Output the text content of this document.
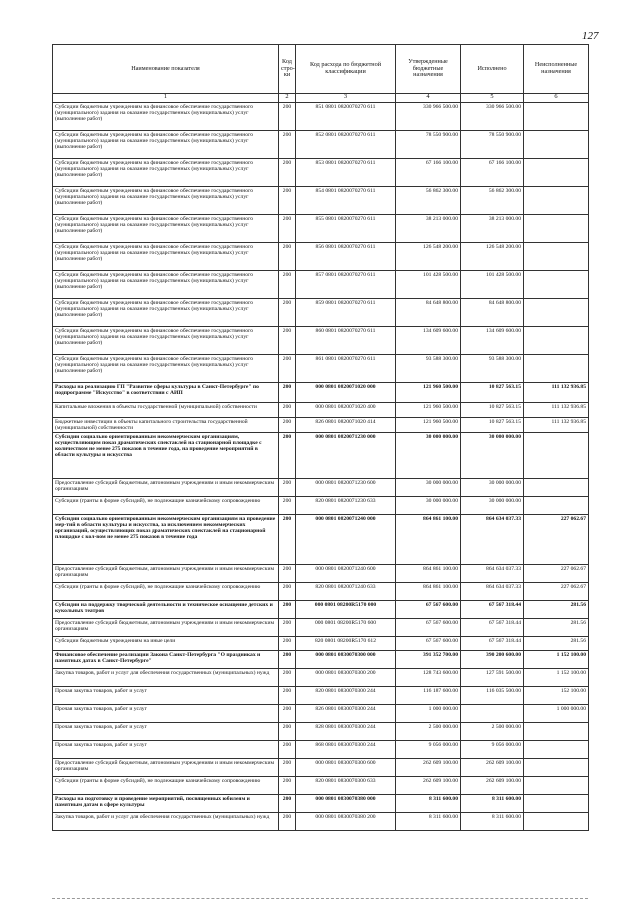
127
Наименование показателя	Код стро-ки	Код расхода по бюджетной классификации	Утвержденные бюджетные назначения	Исполнено	Неисполненные назначения
1	2	3	4	5	6
Субсидии бюджетным учреждениям на финансовое обеспечение государственного (муниципального) задания на оказание государственных (муниципальных) услуг (выполнение работ)	200	851 0801 0820070270 611	330 966 500.00	330 966 500.00	
Субсидии бюджетным учреждениям на финансовое обеспечение государственного (муниципального) задания на оказание государственных (муниципальных) услуг (выполнение работ)	200	852 0801 0820070270 611	78 550 900.00	78 550 900.00	
Субсидии бюджетным учреждениям на финансовое обеспечение государственного (муниципального) задания на оказание государственных (муниципальных) услуг (выполнение работ)	200	853 0801 0820070270 611	67 166 100.00	67 166 100.00	
Субсидии бюджетным учреждениям на финансовое обеспечение государственного (муниципального) задания на оказание государственных (муниципальных) услуг (выполнение работ)	200	854 0801 0820070270 611	56 862 300.00	56 862 300.00	
Субсидии бюджетным учреждениям на финансовое обеспечение государственного (муниципального) задания на оказание государственных (муниципальных) услуг (выполнение работ)	200	855 0801 0820070270 611	38 213 000.00	38 213 000.00	
Субсидии бюджетным учреждениям на финансовое обеспечение государственного (муниципального) задания на оказание государственных (муниципальных) услуг (выполнение работ)	200	856 0801 0820070270 611	126 548 200.00	126 548 200.00	
Субсидии бюджетным учреждениям на финансовое обеспечение государственного (муниципального) задания на оказание государственных (муниципальных) услуг (выполнение работ)	200	857 0801 0820070270 611	101 428 500.00	101 428 500.00	
Субсидии бюджетным учреждениям на финансовое обеспечение государственного (муниципального) задания на оказание государственных (муниципальных) услуг (выполнение работ)	200	859 0801 0820070270 611	84 648 800.00	84 648 800.00	
Субсидии бюджетным учреждениям на финансовое обеспечение государственного (муниципального) задания на оказание государственных (муниципальных) услуг (выполнение работ)	200	860 0801 0820070270 611	134 609 600.00	134 609 600.00	
Субсидии бюджетным учреждениям на финансовое обеспечение государственного (муниципального) задания на оказание государственных (муниципальных) услуг (выполнение работ)	200	861 0801 0820070270 611	93 588 300.00	93 588 300.00	
Расходы на реализацию ГП "Развитие сферы культуры в Санкт-Петербурге" по подпрограмме "Искусство" в соответствии с АИП	200	000 0801 0820071020 000	121 960 500.00	10 827 563.15	111 132 936.85
Капитальные вложения в объекты государственной (муниципальной) собственности	200	000 0801 0820071020 400	121 960 500.00	10 827 563.15	111 132 936.85
Бюджетные инвестиции в объекты капитального строительства государственной (муниципальной) собственности	200	826 0801 0820071020 414	121 960 500.00	10 827 563.15	111 132 936.85
Субсидии социально ориентированным некоммерческим организациям, осуществляющим показ драматических спектаклей на стационарной площадке с количеством не менее 275 показов в течение года, на проведение мероприятий в области культуры и искусства	200	000 0801 0820071230 000	30 000 000.00	30 000 000.00	
Предоставление субсидий бюджетным, автономным учреждениям и иным некоммерческим организациям	200	000 0801 0820071230 600	30 000 000.00	30 000 000.00	
Субсидии (гранты в форме субсидий), не подлежащие казначейскому сопровождению	200	820 0801 0820071230 633	30 000 000.00	30 000 000.00	
Субсидии социально ориентированным некоммерческим организациям на проведение мер-тий в области культуры и искусства, за исключением некоммерческих организаций, осуществляющих показ драматических спектаклей на стационарной площадке с кол-вом не менее 275 показов в течение года	200	000 0801 0820071240 000	864 861 100.00	864 634 037.33	227 062.67
Предоставление субсидий бюджетным, автономным учреждениям и иным некоммерческим организациям	200	000 0801 0820071240 600	864 861 100.00	864 634 037.33	227 062.67
Субсидии (гранты в форме субсидий), не подлежащие казначейскому сопровождению	200	820 0801 0820071240 633	864 861 100.00	864 634 037.33	227 062.67
Субсидии на поддержку творческой деятельности и техническое оснащение детских и кукольных театров	200	000 0801 08200R5170 000	67 567 600.00	67 567 318.44	281.56
Предоставление субсидий бюджетным, автономным учреждениям и иным некоммерческим организациям	200	000 0801 08200R5170 600	67 567 600.00	67 567 318.44	281.56
Субсидии бюджетным учреждениям на иные цели	200	820 0801 08200R5170 612	67 567 600.00	67 567 318.44	281.56
Финансовое обеспечение реализации Закона Санкт-Петербурга "О праздниках и памятных датах в Санкт-Петербурге"	200	000 0801 0830070300 000	391 352 700.00	390 200 600.00	1 152 100.00
Закупка товаров, работ и услуг для обеспечения государственных (муниципальных) нужд	200	000 0801 0830070300 200	128 743 600.00	127 591 500.00	1 152 100.00
Прочая закупка товаров, работ и услуг	200	820 0801 0830070300 244	116 187 600.00	116 035 500.00	152 100.00
Прочая закупка товаров, работ и услуг	200	826 0801 0830070300 244	1 000 000.00		1 000 000.00
Прочая закупка товаров, работ и услуг	200	828 0801 0830070300 244	2 500 000.00	2 500 000.00	
Прочая закупка товаров, работ и услуг	200	868 0801 0830070300 244	9 056 000.00	9 056 000.00	
Предоставление субсидий бюджетным, автономным учреждениям и иным некоммерческим организациям	200	000 0801 0830070300 600	262 609 100.00	262 609 100.00	
Субсидии (гранты в форме субсидий), не подлежащие казначейскому сопровождению	200	820 0801 0830070300 633	262 609 100.00	262 609 100.00	
Расходы на подготовку и проведение мероприятий, посвященных юбилеям и памятным датам в сфере культуры	200	000 0801 0830070380 000	8 311 600.00	8 311 600.00	
Закупка товаров, работ и услуг для обеспечения государственных (муниципальных) нужд	200	000 0801 0830070380 200	8 311 600.00	8 311 600.00	
